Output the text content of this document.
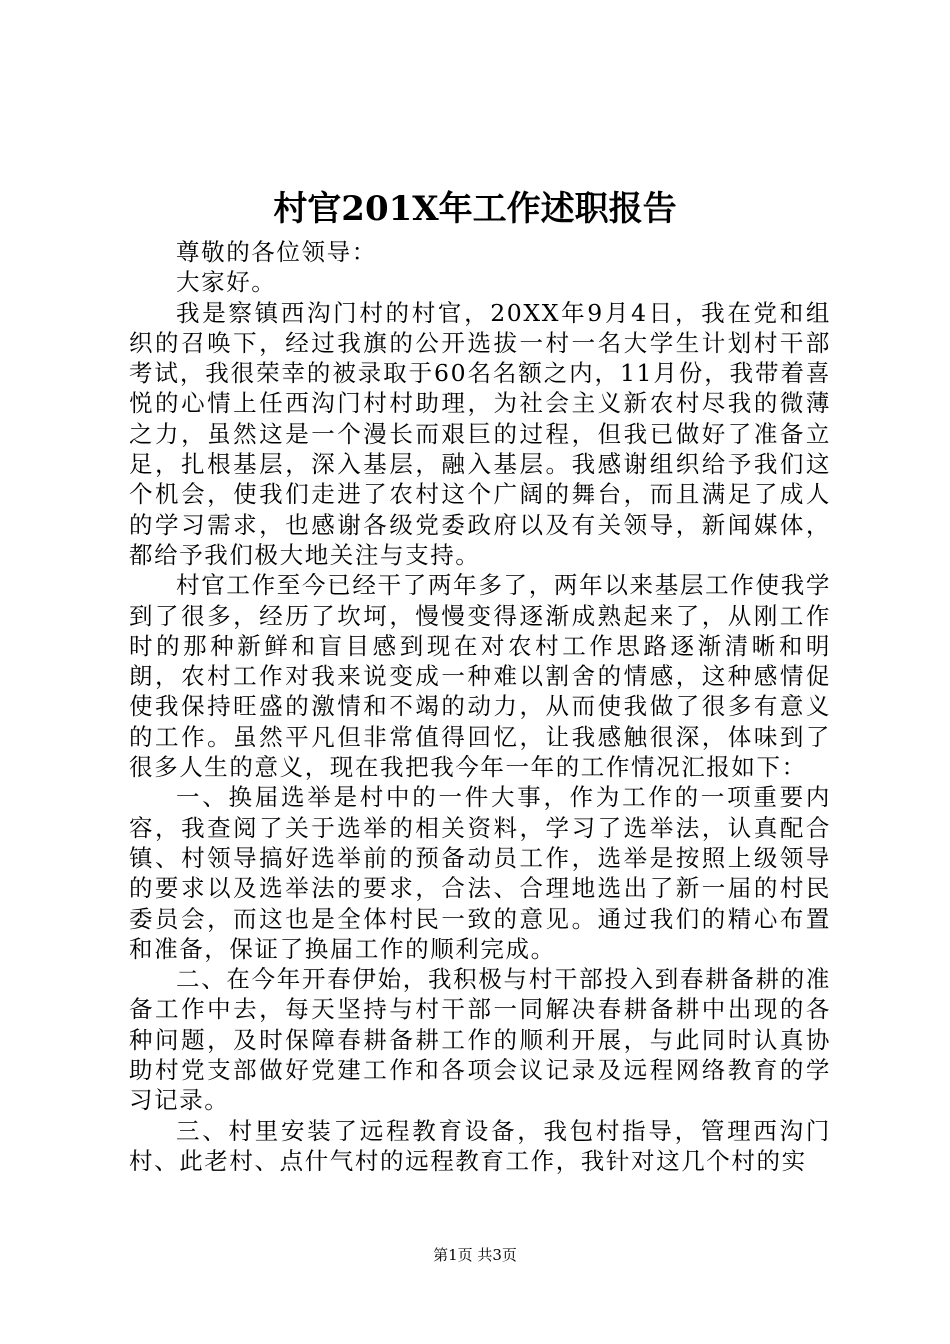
村官201X年工作述职报告

尊敬的各位领导：

大家好。

我是察镇西沟门村的村官，20XX年9月4日，我在党和组织的召唤下，经过我旗的公开选拔一村一名大学生计划村干部考试，我很荣幸的被录取于60名名额之内，11月份，我带着喜悦的心情上任西沟门村村助理，为社会主义新农村尽我的微薄之力，虽然这是一个漫长而艰巨的过程，但我已做好了准备立足，扎根基层，深入基层，融入基层。我感谢组织给予我们这个机会，使我们走进了农村这个广阔的舞台，而且满足了成人的学习需求，也感谢各级党委政府以及有关领导，新闻媒体，都给予我们极大地关注与支持。

村官工作至今已经干了两年多了，两年以来基层工作使我学到了很多，经历了坎坷，慢慢变得逐渐成熟起来了，从刚工作时的那种新鲜和盲目感到现在对农村工作思路逐渐清晰和明朗，农村工作对我来说变成一种难以割舍的情感，这种感情促使我保持旺盛的激情和不竭的动力，从而使我做了很多有意义的工作。虽然平凡但非常值得回忆，让我感触很深，体味到了很多人生的意义，现在我把我今年一年的工作情况汇报如下：

一、换届选举是村中的一件大事，作为工作的一项重要内容，我查阅了关于选举的相关资料，学习了选举法，认真配合镇、村领导搞好选举前的预备动员工作，选举是按照上级领导的要求以及选举法的要求，合法、合理地选出了新一届的村民委员会，而这也是全体村民一致的意见。通过我们的精心布置和准备，保证了换届工作的顺利完成。

二、在今年开春伊始，我积极与村干部投入到春耕备耕的准备工作中去，每天坚持与村干部一同解决春耕备耕中出现的各种问题，及时保障春耕备耕工作的顺利开展，与此同时认真协助村党支部做好党建工作和各项会议记录及远程网络教育的学习记录。

三、村里安装了远程教育设备，我包村指导，管理西沟门村、此老村、点什气村的远程教育工作，我针对这几个村的实

第1页 共3页
